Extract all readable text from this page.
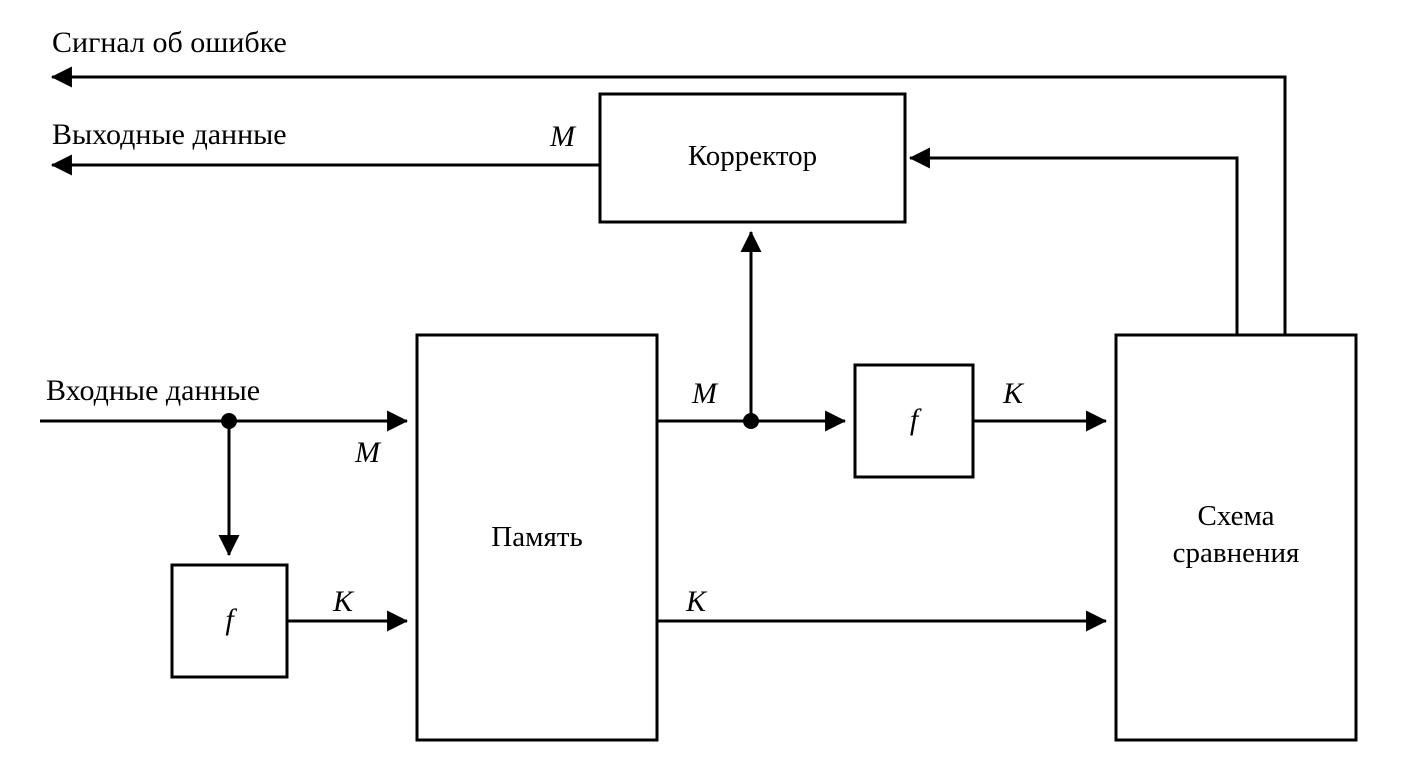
Сигнал об ошибке
Выходные данные
Входные данные
Корректор
Память
Схема
сравнения
f
f
M
M
M
K
K
K
